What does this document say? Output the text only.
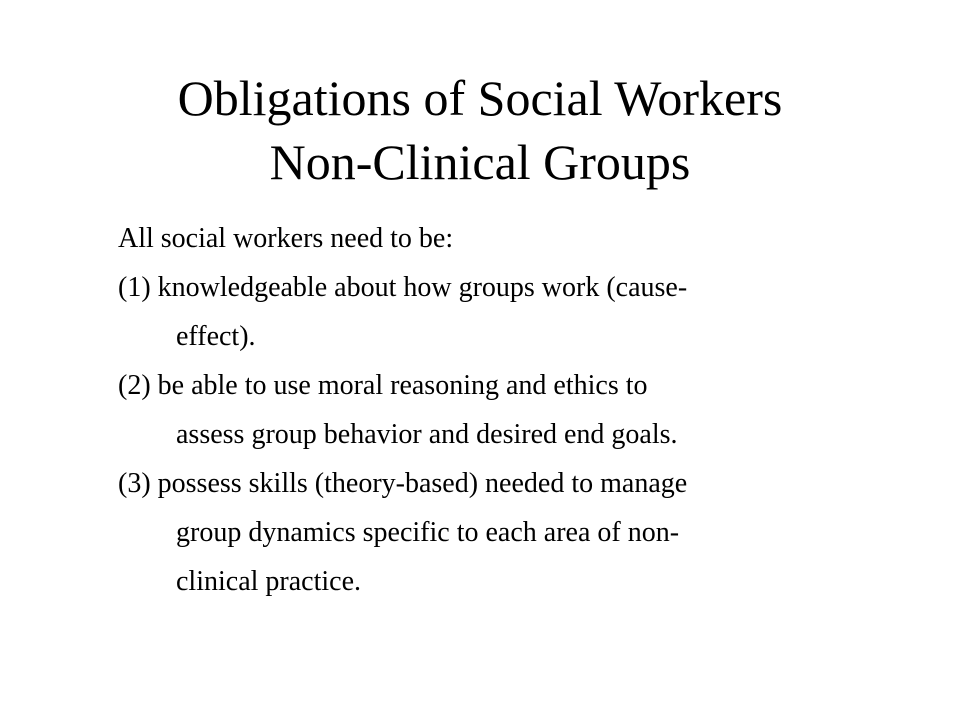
Obligations of Social Workers
Non-Clinical Groups
All social workers need to be:
(1) knowledgeable about how groups work (cause-
effect).
(2) be able to use moral reasoning and ethics to
assess group behavior and desired end goals.
(3) possess skills (theory-based) needed to manage
group dynamics specific to each area of non-
clinical practice.
